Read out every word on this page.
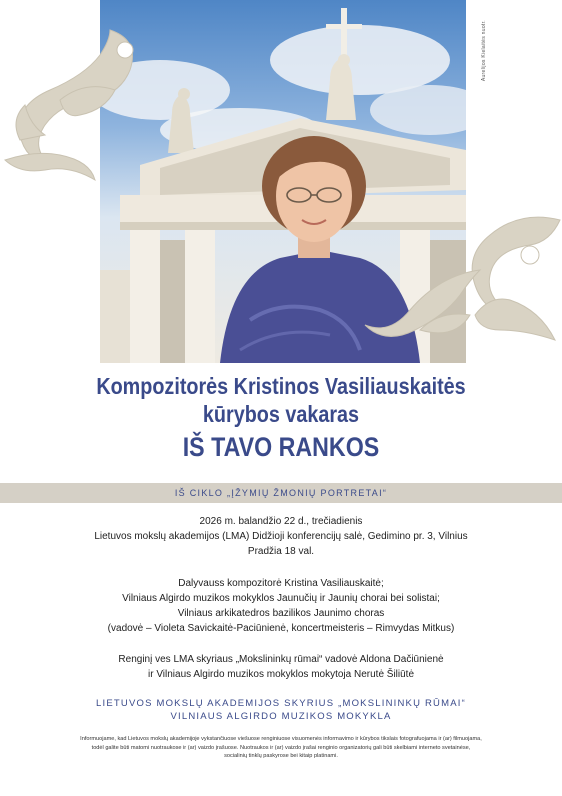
Aurelijos Kielaitės nuotr.
Kompozitorės Kristinos Vasiliauskaitės
kūrybos vakaras
IŠ TAVO RANKOS
IŠ CIKLO „ĮŽYMIŲ ŽMONIŲ PORTRETAI“

2026 m. balandžio 22 d., trečiadienis

Lietuvos mokslų akademijos (LMA) Didžioji konferencijų salė, Gedimino pr. 3, Vilnius

Pradžia 18 val.

Dalyvauss kompozitorė Kristina Vasiliauskaitė;

Vilniaus Algirdo muzikos mokyklos Jaunučių ir Jaunių chorai bei solistai;

Vilniaus arkikatedros bazilikos Jaunimo choras

(vadovė – Violeta Savickaitė-Paciūnienė, koncertmeisteris – Rimvydas Mitkus)

Renginį ves LMA skyriaus „Mokslininkų rūmai“ vadovė Aldona Dačiūnienė

ir Vilniaus Algirdo muzikos mokyklos mokytoja Nerutė Šiliūtė

LIETUVOS MOKSLŲ AKADEMIJOS SKYRIUS „MOKSLININKŲ RŪMAI“
VILNIAUS ALGIRDO MUZIKOS MOKYKLA
Informuojame, kad Lietuvos mokslų akademijoje vykstančiuose viešuose renginiuose visuomenės informavimo ir kūrybos tikslais fotografuojama ir (ar) filmuojama,
todėl galite būti matomi nuotraukose ir (ar) vaizdo įrašuose. Nuotraukos ir (ar) vaizdo įrašai renginio organizatorių gali būti skelbiami interneto svetainėse,
socialinių tinklų paskyrose bei kitaip platinami.
